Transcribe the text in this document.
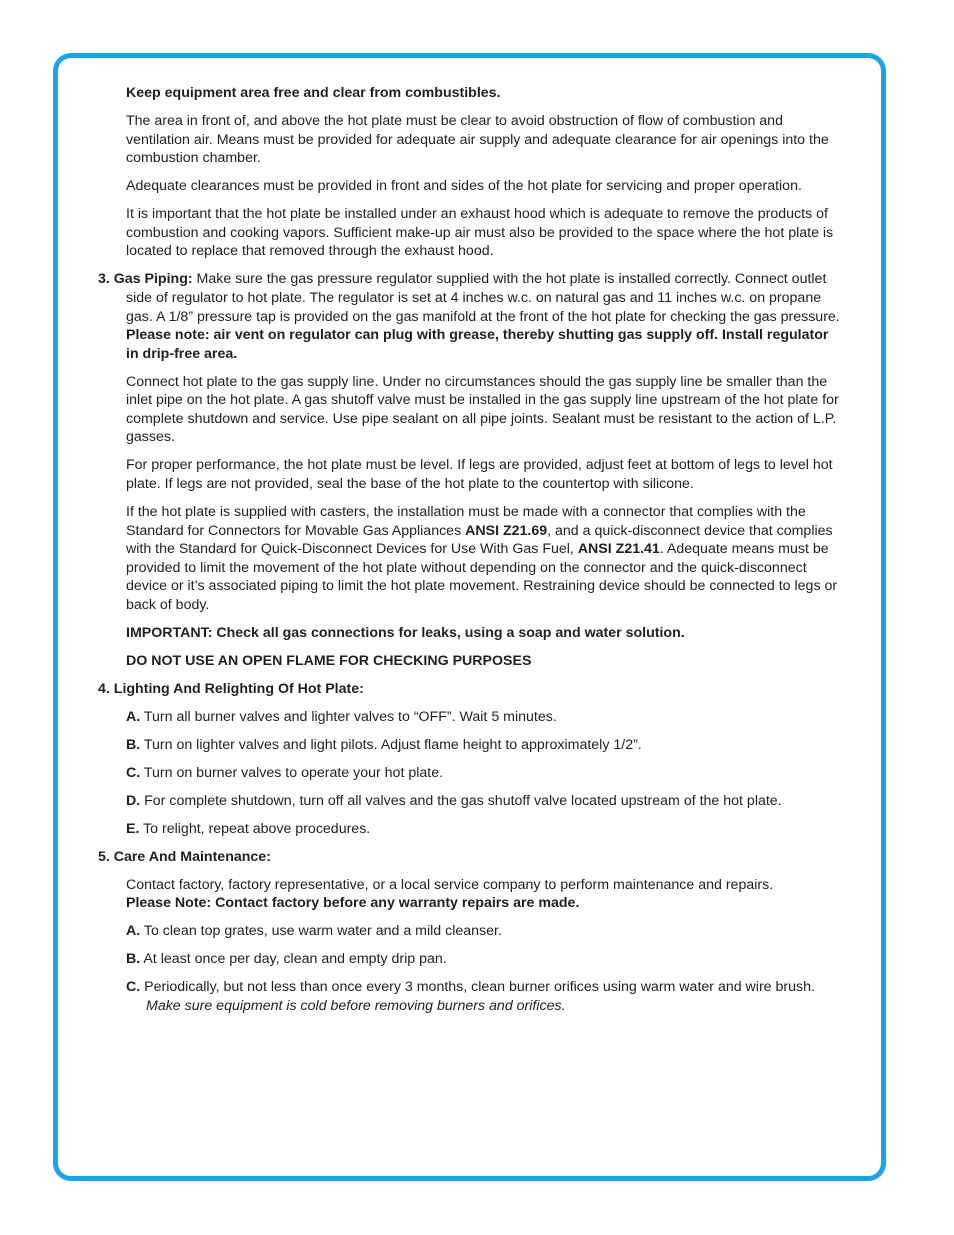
Keep equipment area free and clear from combustibles.

The area in front of, and above the hot plate must be clear to avoid obstruction of flow of combustion and ventilation air. Means must be provided for adequate air supply and adequate clearance for air openings into the combustion chamber.

Adequate clearances must be provided in front and sides of the hot plate for servicing and proper operation.

It is important that the hot plate be installed under an exhaust hood which is adequate to remove the products of combustion and cooking vapors. Sufficient make-up air must also be provided to the space where the hot plate is located to replace that removed through the exhaust hood.

3. Gas Piping: Make sure the gas pressure regulator supplied with the hot plate is installed correctly. Connect outlet side of regulator to hot plate. The regulator is set at 4 inches w.c. on natural gas and 11 inches w.c. on propane gas. A 1/8” pressure tap is provided on the gas manifold at the front of the hot plate for checking the gas pressure. Please note: air vent on regulator can plug with grease, thereby shutting gas supply off. Install regulator in drip-free area.

Connect hot plate to the gas supply line. Under no circumstances should the gas supply line be smaller than the inlet pipe on the hot plate. A gas shutoff valve must be installed in the gas supply line upstream of the hot plate for complete shutdown and service. Use pipe sealant on all pipe joints. Sealant must be resistant to the action of L.P. gasses.

For proper performance, the hot plate must be level. If legs are provided, adjust feet at bottom of legs to level hot plate. If legs are not provided, seal the base of the hot plate to the countertop with silicone.

If the hot plate is supplied with casters, the installation must be made with a connector that complies with the Standard for Connectors for Movable Gas Appliances ANSI Z21.69, and a quick-disconnect device that complies with the Standard for Quick-Disconnect Devices for Use With Gas Fuel, ANSI Z21.41. Adequate means must be provided to limit the movement of the hot plate without depending on the connector and the quick-disconnect device or it’s associated piping to limit the hot plate movement. Restraining device should be connected to legs or back of body.

IMPORTANT: Check all gas connections for leaks, using a soap and water solution.

DO NOT USE AN OPEN FLAME FOR CHECKING PURPOSES

4. Lighting And Relighting Of Hot Plate:

A. Turn all burner valves and lighter valves to “OFF”. Wait 5 minutes.

B. Turn on lighter valves and light pilots. Adjust flame height to approximately 1/2”.

C. Turn on burner valves to operate your hot plate.

D. For complete shutdown, turn off all valves and the gas shutoff valve located upstream of the hot plate.

E. To relight, repeat above procedures.

5. Care And Maintenance:

Contact factory, factory representative, or a local service company to perform maintenance and repairs.
Please Note: Contact factory before any warranty repairs are made.

A. To clean top grates, use warm water and a mild cleanser.

B. At least once per day, clean and empty drip pan.

C. Periodically, but not less than once every 3 months, clean burner orifices using warm water and wire brush. Make sure equipment is cold before removing burners and orifices.
